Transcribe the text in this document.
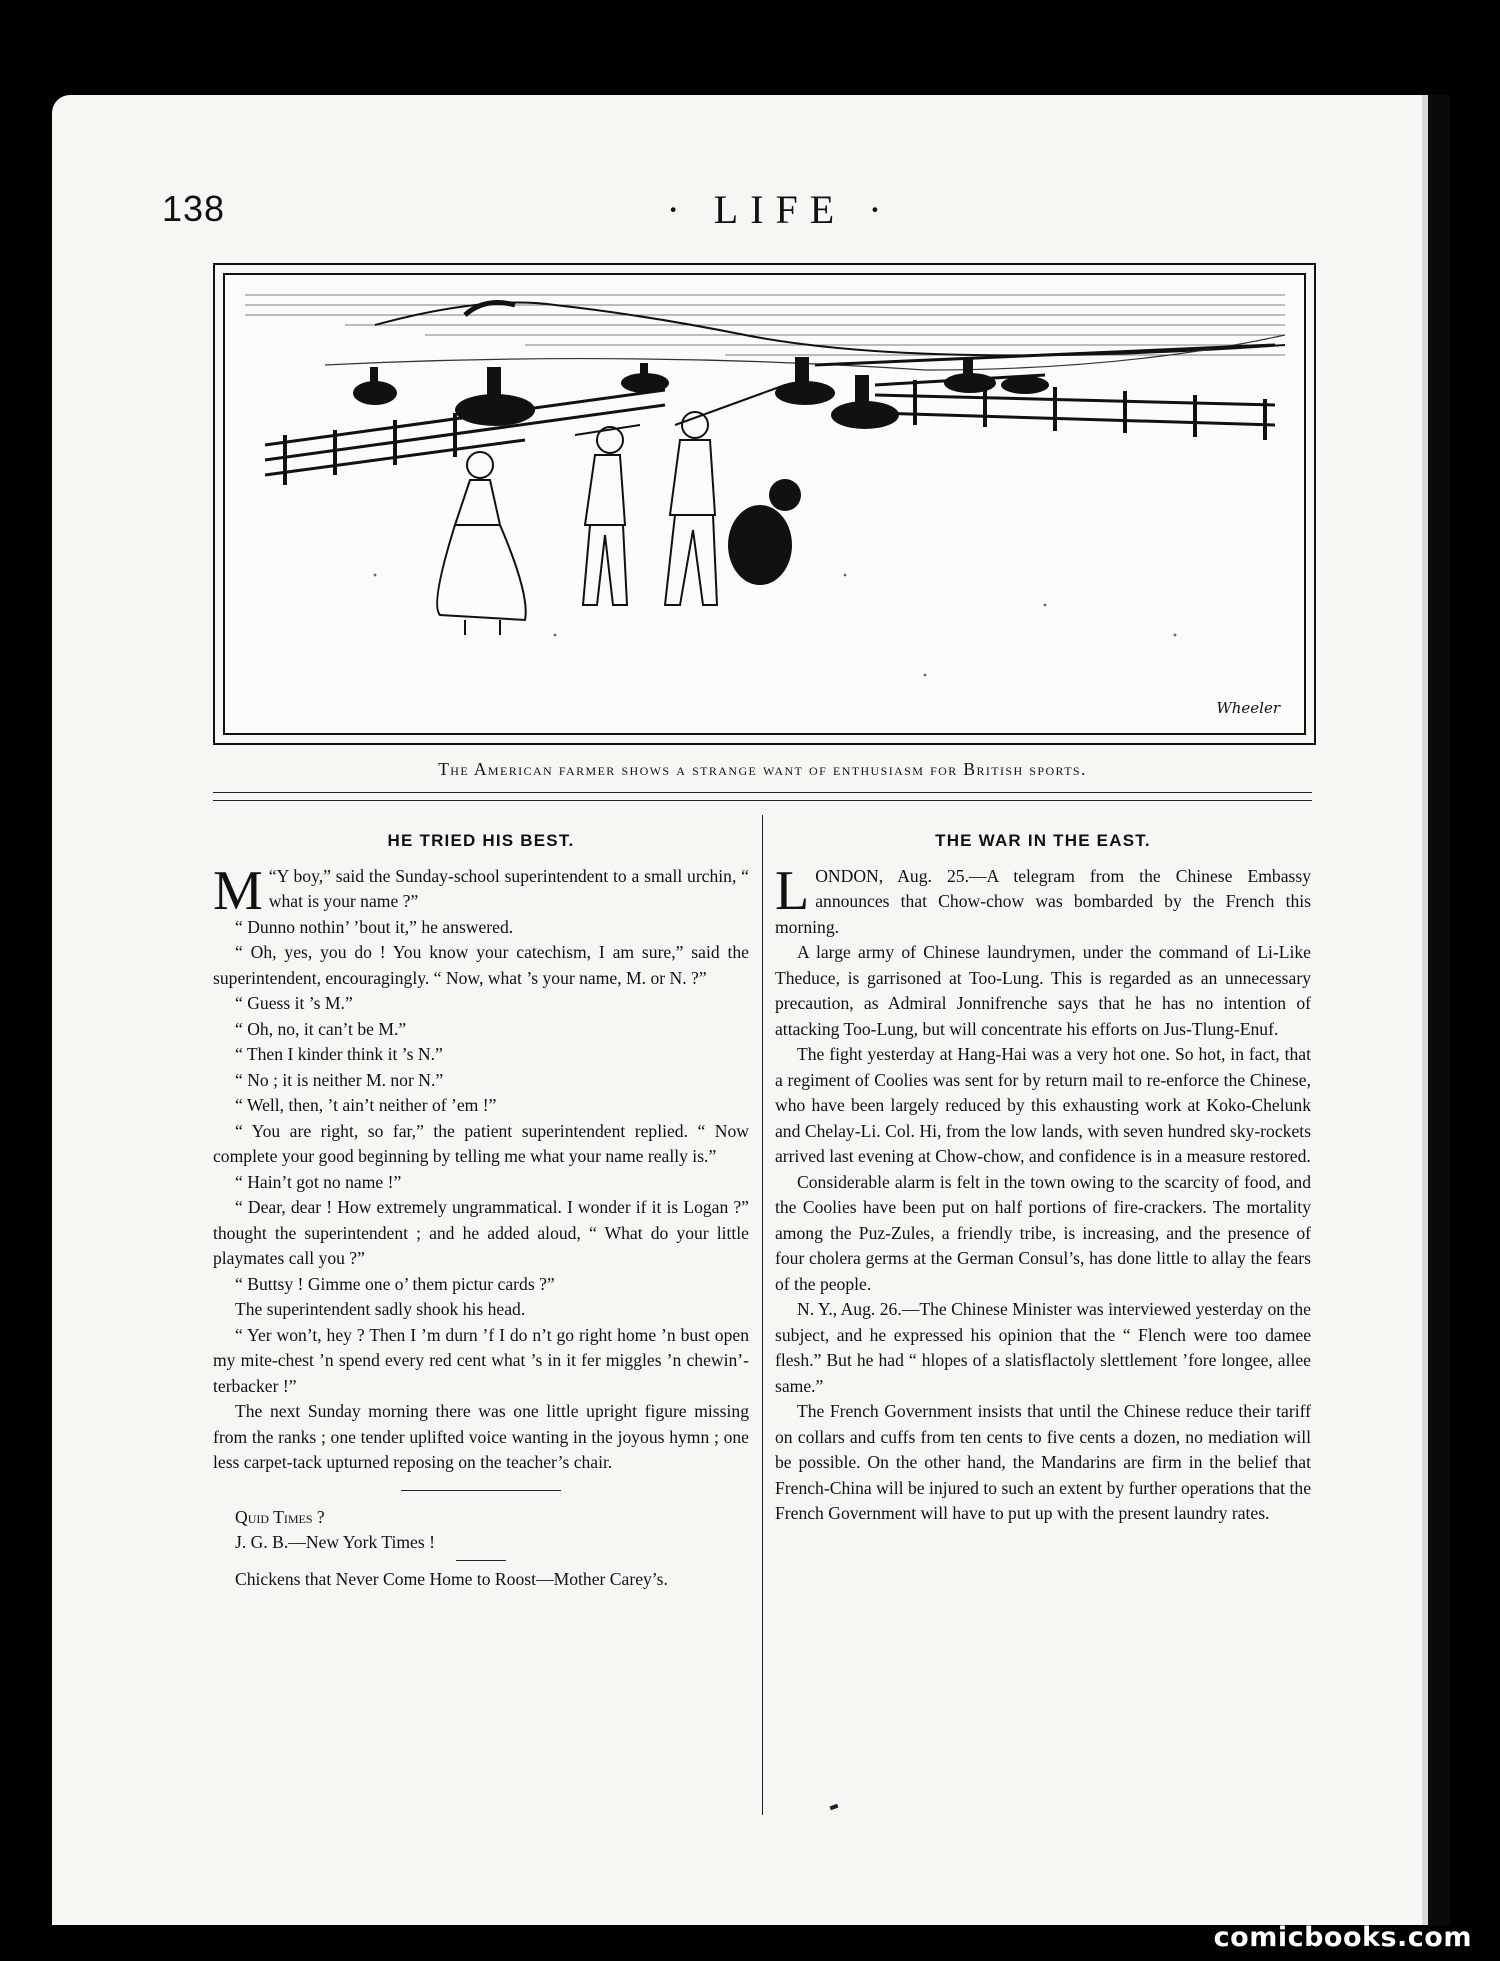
138	· LIFE ·
Wheeler
The American farmer shows a strange want of enthusiasm for British sports.
HE TRIED HIS BEST.

“
M Y boy,” said the Sunday-school superintendent to a small urchin, “ what is your name ?”

“ Dunno nothin’ ’bout it,” he answered.

“ Oh, yes, you do ! You know your catechism, I am sure,” said the superintendent, encouragingly. “ Now, what ’s your name, M. or N. ?”

“ Guess it ’s M.”

“ Oh, no, it can’t be M.”

“ Then I kinder think it ’s N.”

“ No ; it is neither M. nor N.”

“ Well, then, ’t ain’t neither of ’em !”

“ You are right, so far,” the patient superintendent replied. “ Now complete your good beginning by telling me what your name really is.”

“ Hain’t got no name !”

“ Dear, dear ! How extremely ungrammatical. I wonder if it is Logan ?” thought the superintendent ; and he added aloud, “ What do your little playmates call you ?”

“ Buttsy ! Gimme one o’ them pictur cards ?”

The superintendent sadly shook his head.

“ Yer won’t, hey ? Then I ’m durn ’f I do n’t go right home ’n bust open my mite-chest ’n spend every red cent what ’s in it fer miggles ’n chewin’-terbacker !”

The next Sunday morning there was one little upright figure missing from the ranks ; one tender uplifted voice wanting in the joyous hymn ; one less carpet-tack upturned reposing on the teacher’s chair.

Quid Times ?

J. G. B.—New York Times !

Chickens that Never Come Home to Roost—Mother Carey’s.

THE WAR IN THE EAST.

LONDON, Aug. 25.—A telegram from the Chinese Embassy announces that Chow-chow was bombarded by the French this morning.

A large army of Chinese laundrymen, under the command of Li-Like Theduce, is garrisoned at Too-Lung. This is regarded as an unnecessary precaution, as Admiral Jonnifrenche says that he has no intention of attacking Too-Lung, but will concentrate his efforts on Jus-Tlung-Enuf.

The fight yesterday at Hang-Hai was a very hot one. So hot, in fact, that a regiment of Coolies was sent for by return mail to re-enforce the Chinese, who have been largely reduced by this exhausting work at Koko-Chelunk and Chelay-Li. Col. Hi, from the low lands, with seven hundred sky-rockets arrived last evening at Chow-chow, and confidence is in a measure restored.

Considerable alarm is felt in the town owing to the scarcity of food, and the Coolies have been put on half portions of fire-crackers. The mortality among the Puz-Zules, a friendly tribe, is increasing, and the presence of four cholera germs at the German Consul’s, has done little to allay the fears of the people.

N. Y., Aug. 26.—The Chinese Minister was interviewed yesterday on the subject, and he expressed his opinion that the “ Flench were too damee flesh.” But he had “ hlopes of a slatisflactoly slettlement ’fore longee, allee same.”

The French Government insists that until the Chinese reduce their tariff on collars and cuffs from ten cents to five cents a dozen, no mediation will be possible. On the other hand, the Mandarins are firm in the belief that French-China will be injured to such an extent by further operations that the French Government will have to put up with the present laundry rates.

comicbooks.com
